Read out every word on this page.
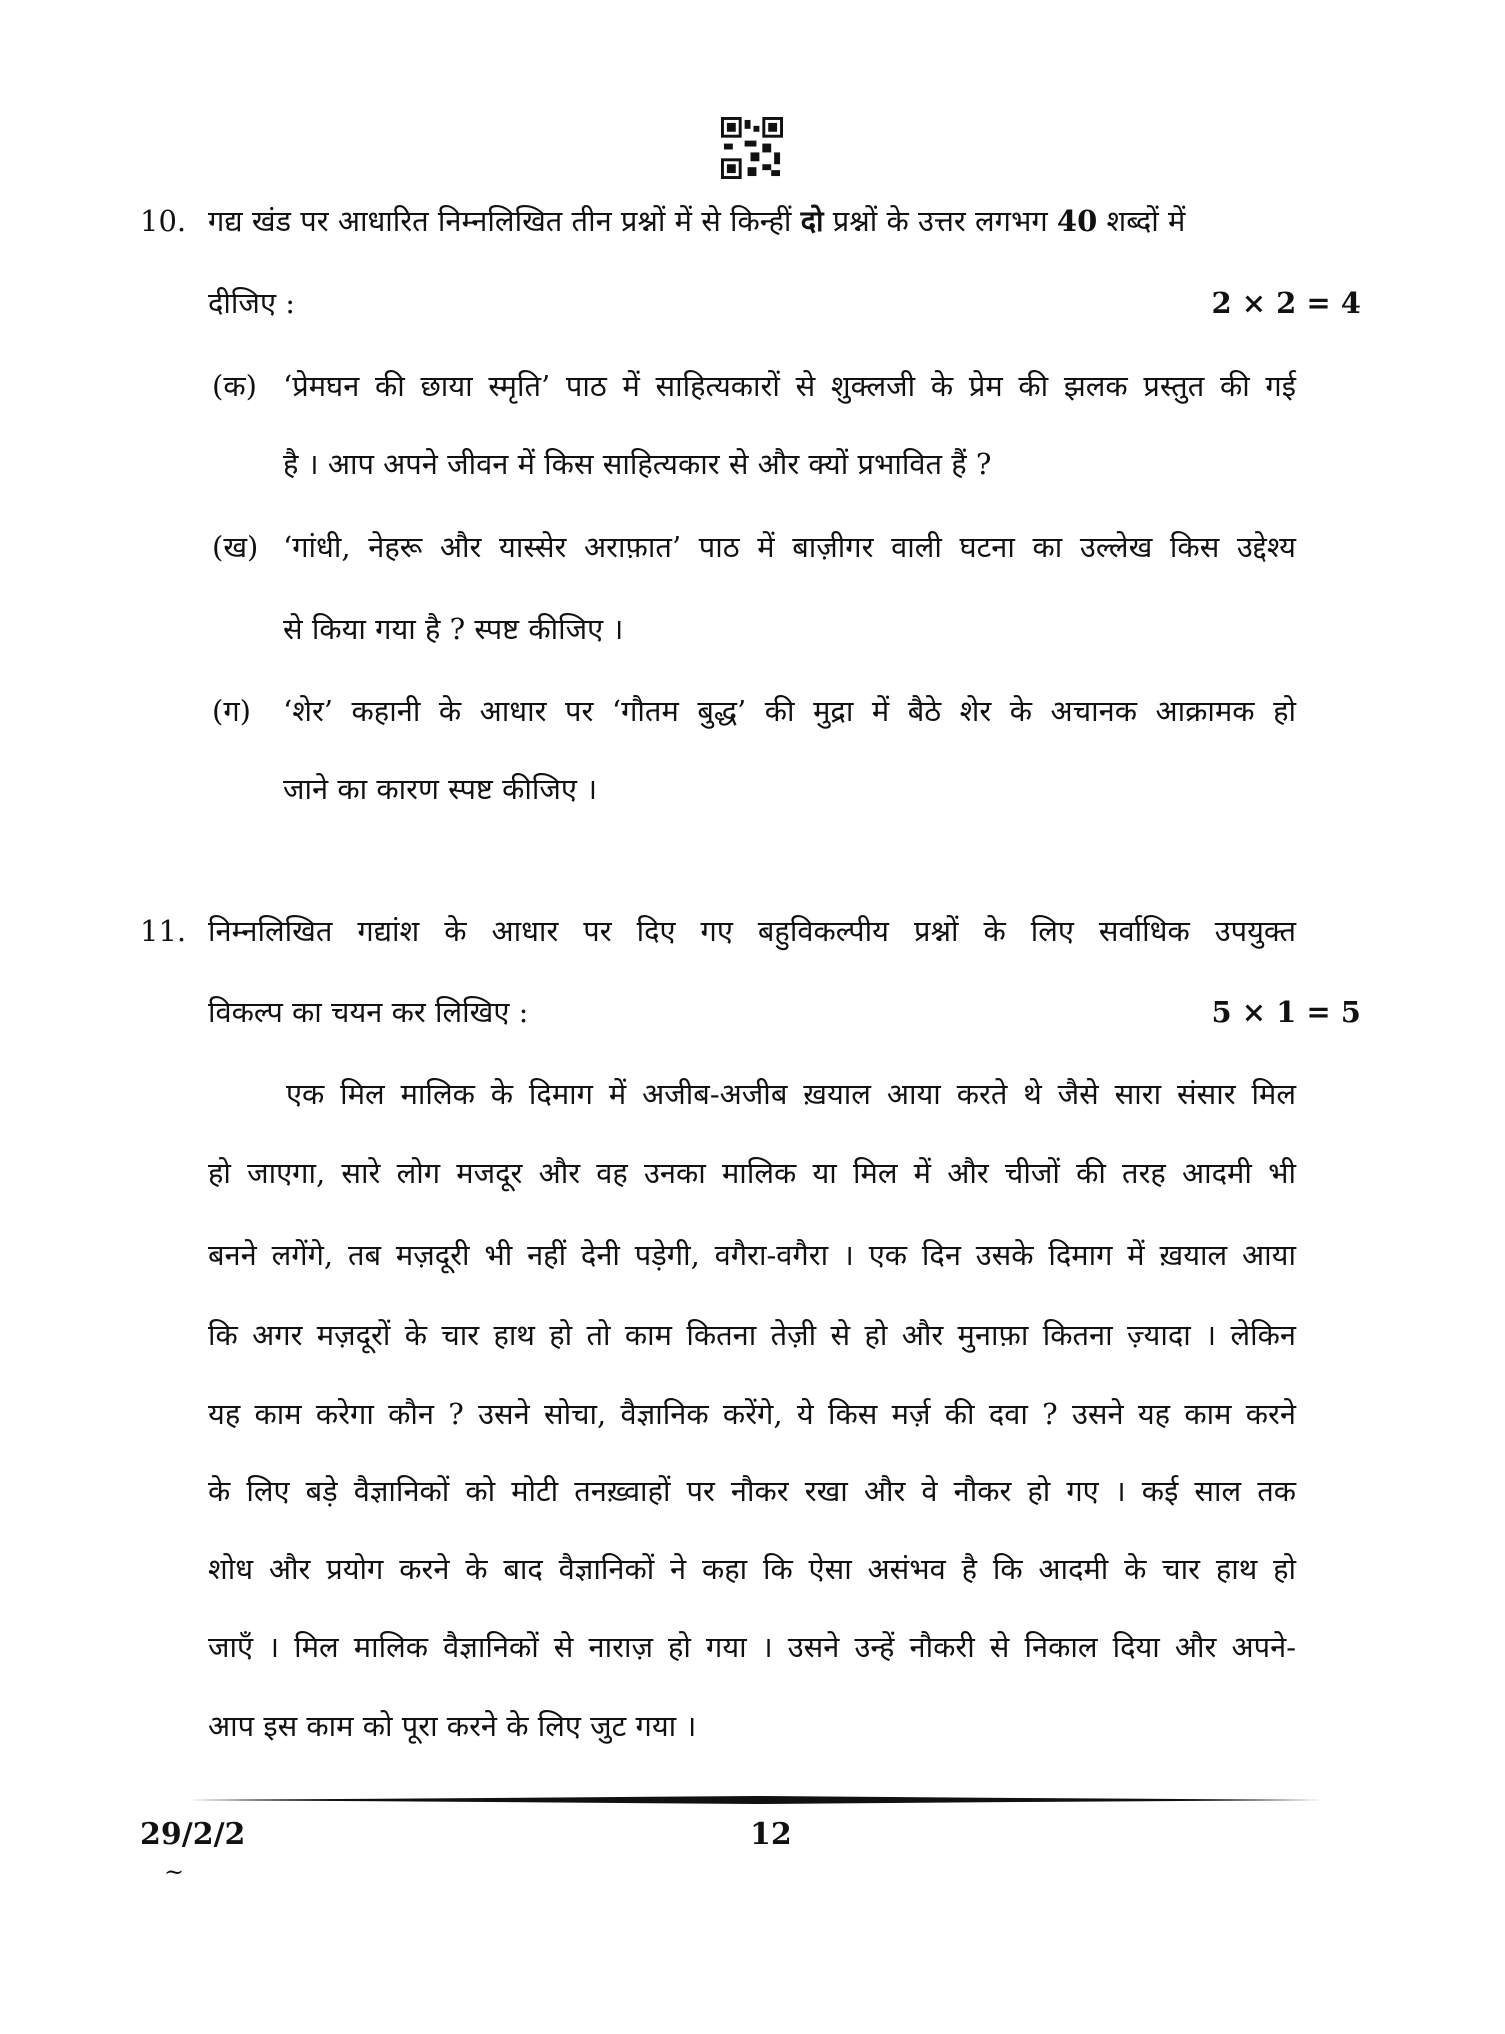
10. गद्य खंड पर आधारित निम्नलिखित तीन प्रश्नों में से किन्हीं दो प्रश्नों के उत्तर लगभग 40 शब्दों में
दीजिए :	2 × 2 = 4
(क) ‘प्रेमघन की छाया स्मृति’ पाठ में साहित्यकारों से शुक्लजी के प्रेम की झलक प्रस्तुत की गई
है । आप अपने जीवन में किस साहित्यकार से और क्यों प्रभावित हैं ?
(ख) ‘गांधी, नेहरू और यास्सेर अराफ़ात’ पाठ में बाज़ीगर वाली घटना का उल्लेख किस उद्देश्य
से किया गया है ? स्पष्ट कीजिए ।
(ग) ‘शेर’ कहानी के आधार पर ‘गौतम बुद्ध’ की मुद्रा में बैठे शेर के अचानक आक्रामक हो
जाने का कारण स्पष्ट कीजिए ।
11. निम्नलिखित गद्यांश के आधार पर दिए गए बहुविकल्पीय प्रश्नों के लिए सर्वाधिक उपयुक्त
विकल्प का चयन कर लिखिए :	5 × 1 = 5
एक मिल मालिक के दिमाग में अजीब-अजीब ख़याल आया करते थे जैसे सारा संसार मिल
हो जाएगा, सारे लोग मजदूर और वह उनका मालिक या मिल में और चीजों की तरह आदमी भी
बनने लगेंगे, तब मज़दूरी भी नहीं देनी पड़ेगी, वगैरा-वगैरा । एक दिन उसके दिमाग में ख़याल आया
कि अगर मज़दूरों के चार हाथ हो तो काम कितना तेज़ी से हो और मुनाफ़ा कितना ज़्यादा । लेकिन
यह काम करेगा कौन ? उसने सोचा, वैज्ञानिक करेंगे, ये किस मर्ज़ की दवा ? उसने यह काम करने
के लिए बड़े वैज्ञानिकों को मोटी तनख़्वाहों पर नौकर रखा और वे नौकर हो गए । कई साल तक
शोध और प्रयोग करने के बाद वैज्ञानिकों ने कहा कि ऐसा असंभव है कि आदमी के चार हाथ हो
जाएँ । मिल मालिक वैज्ञानिकों से नाराज़ हो गया । उसने उन्हें नौकरी से निकाल दिया और अपने-
आप इस काम को पूरा करने के लिए जुट गया ।
29/2/2	12
~
